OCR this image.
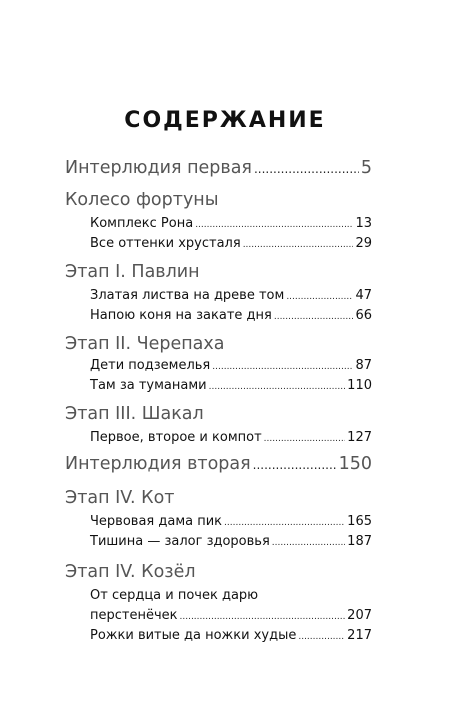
СОДЕРЖАНИЕ
Интерлюдия первая .....	5
Колесо фортуны
Комплекс Рона .....	13
Все оттенки хрусталя .....	29
Этап I. Павлин
Златая листва на древе том .....	47
Напою коня на закате дня .....	66
Этап II. Черепаха
Дети подземелья .....	87
Там за туманами .....	110
Этап III. Шакал
Первое, второе и компот .....	127
Интерлюдия вторая .....	150
Этап IV. Кот
Червовая дама пик .....	165
Тишина — залог здоровья .....	187
Этап IV. Козёл
От сердца и почек дарю
перстенёчек .....	207
Рожки витые да ножки худые .....	217
